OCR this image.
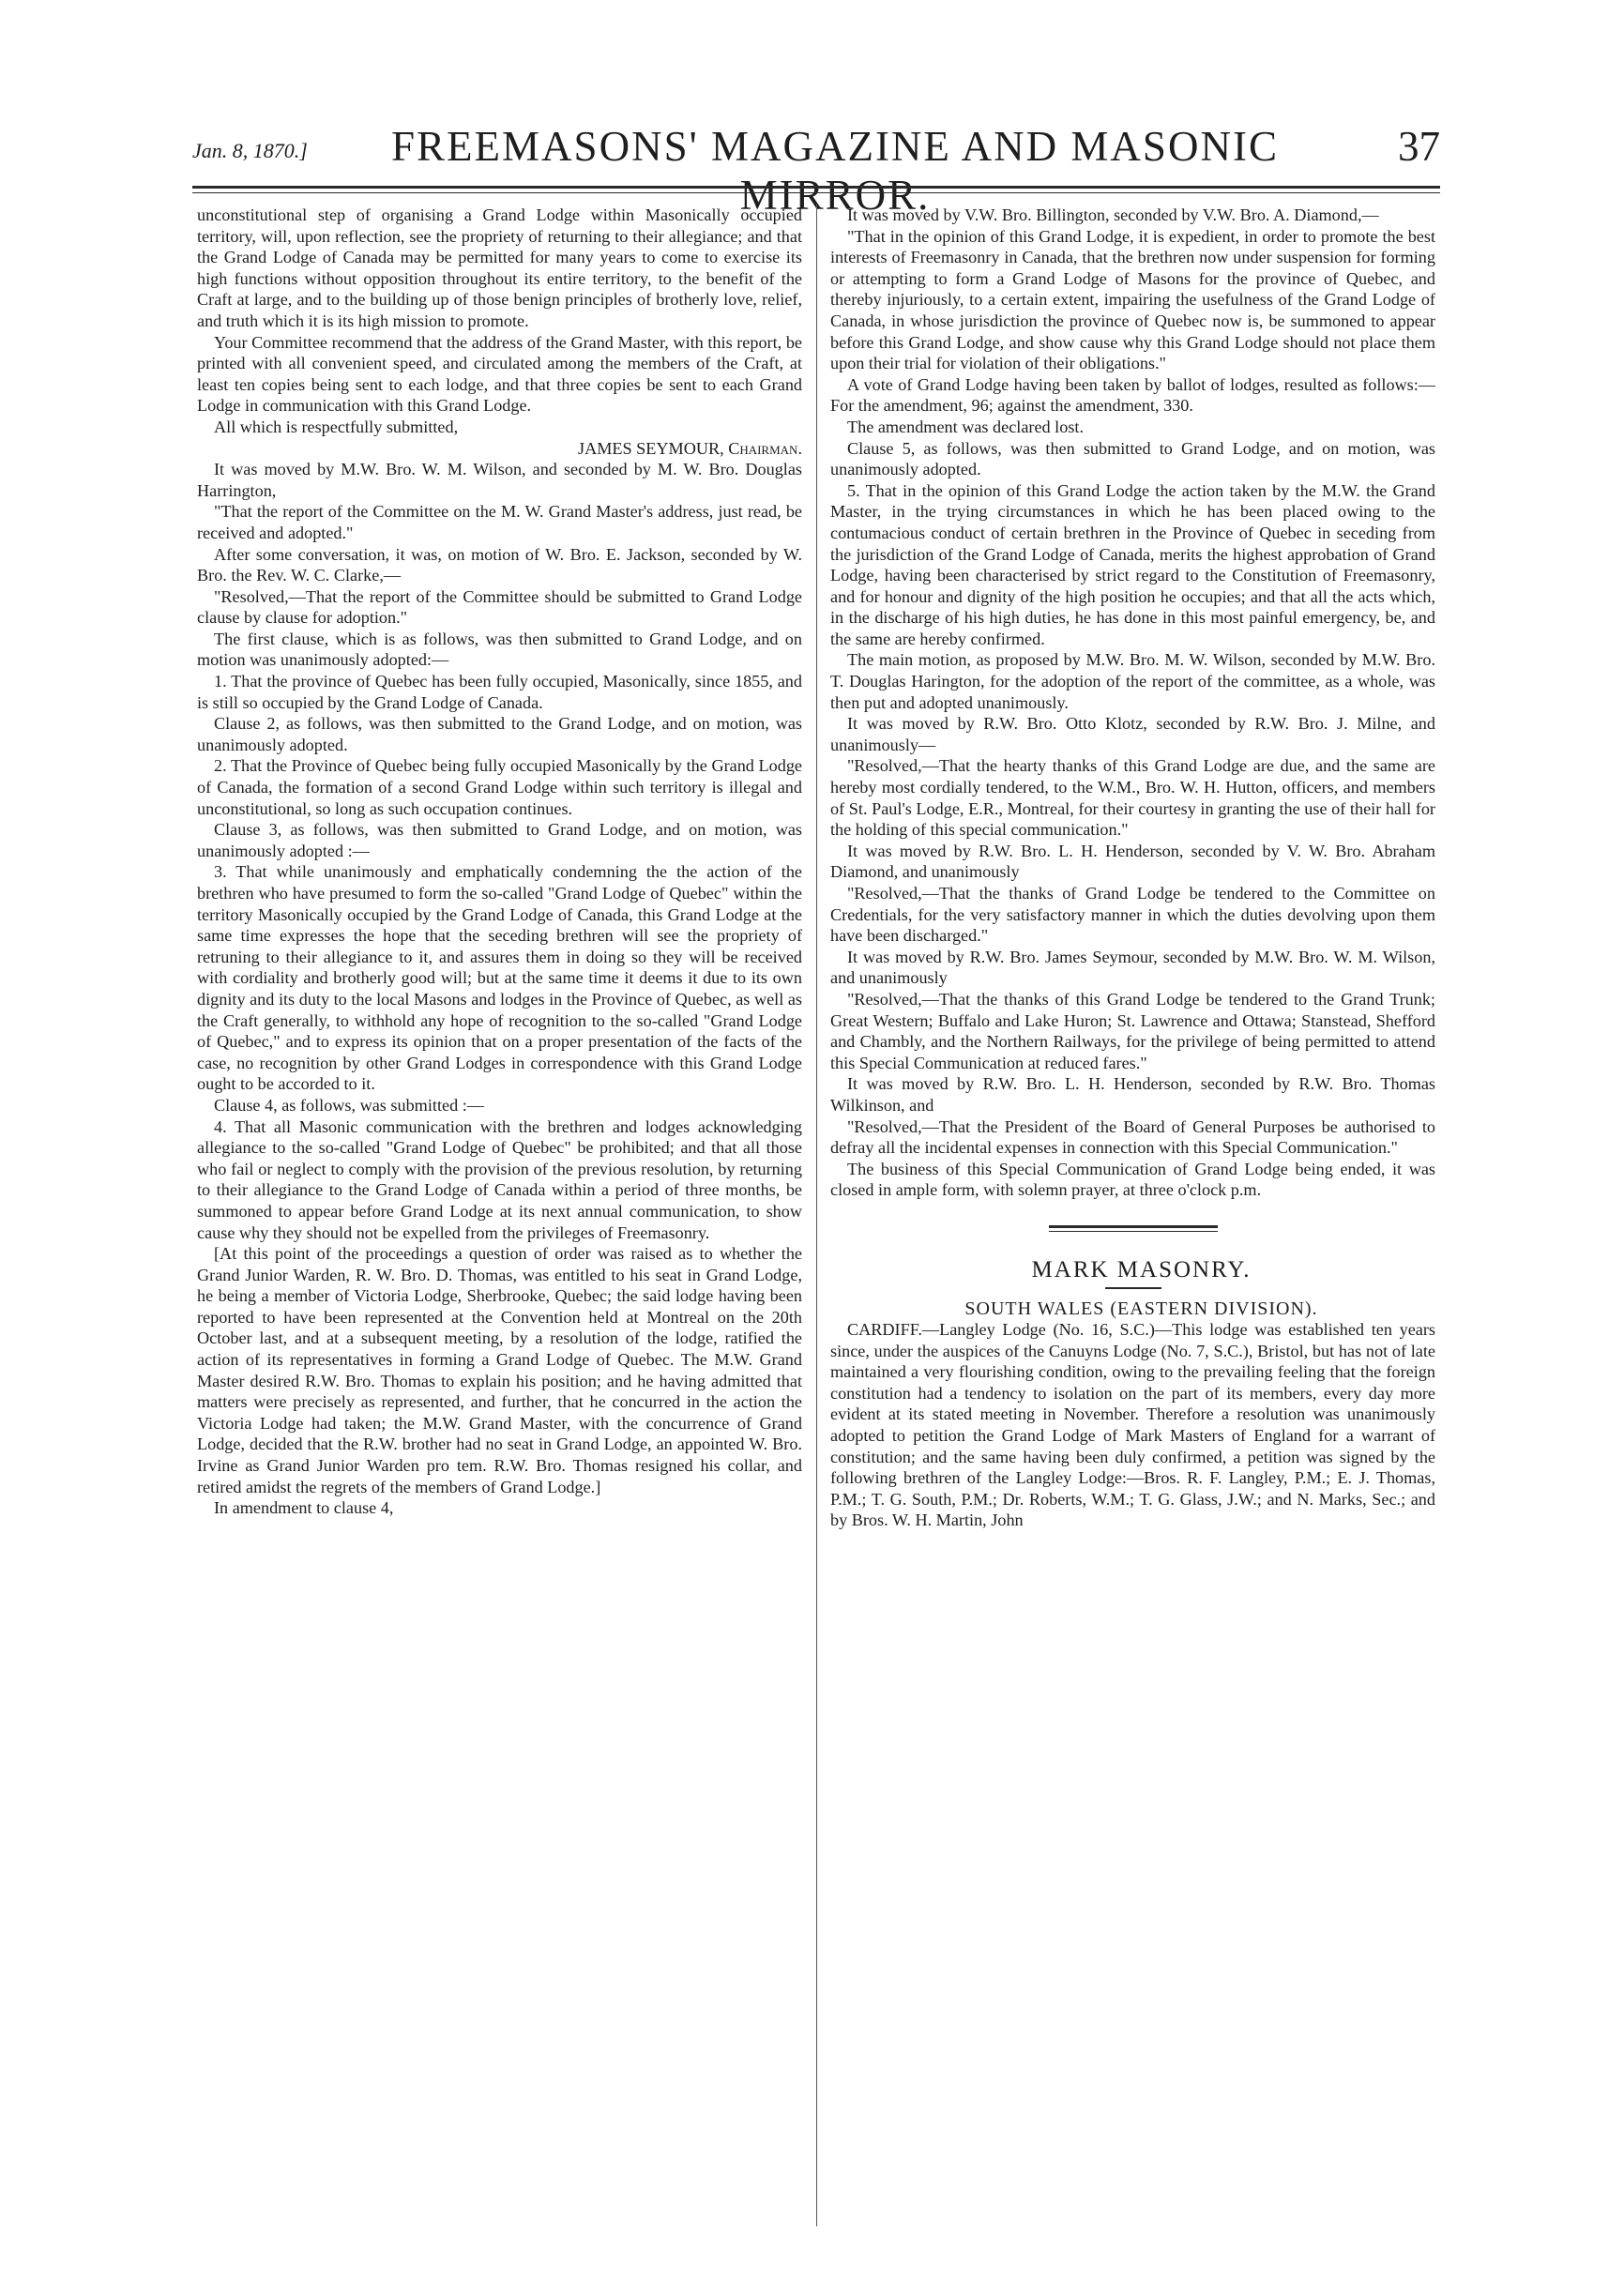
Jan. 8, 1870.]	FREEMASONS' MAGAZINE AND MASONIC MIRROR.
37

unconstitutional step of organising a Grand Lodge within Masonically occupied territory, will, upon reflection, see the propriety of returning to their allegiance; and that the Grand Lodge of Canada may be permitted for many years to come to exercise its high functions without opposition throughout its entire territory, to the benefit of the Craft at large, and to the building up of those benign principles of brotherly love, relief, and truth which it is its high mission to promote.

Your Committee recommend that the address of the Grand Master, with this report, be printed with all convenient speed, and circulated among the members of the Craft, at least ten copies being sent to each lodge, and that three copies be sent to each Grand Lodge in communication with this Grand Lodge.

All which is respectfully submitted,

JAMES SEYMOUR, Chairman.

It was moved by M.W. Bro. W. M. Wilson, and seconded by M. W. Bro. Douglas Harrington,

"That the report of the Committee on the M. W. Grand Master's address, just read, be received and adopted."

After some conversation, it was, on motion of W. Bro. E. Jackson, seconded by W. Bro. the Rev. W. C. Clarke,—

"Resolved,—That the report of the Committee should be submitted to Grand Lodge clause by clause for adoption."

The first clause, which is as follows, was then submitted to Grand Lodge, and on motion was unanimously adopted:—

1. That the province of Quebec has been fully occupied, Masonically, since 1855, and is still so occupied by the Grand Lodge of Canada.

Clause 2, as follows, was then submitted to the Grand Lodge, and on motion, was unanimously adopted.

2. That the Province of Quebec being fully occupied Masonically by the Grand Lodge of Canada, the formation of a second Grand Lodge within such territory is illegal and unconstitutional, so long as such occupation continues.

Clause 3, as follows, was then submitted to Grand Lodge, and on motion, was unanimously adopted :—

3. That while unanimously and emphatically condemning the the action of the brethren who have presumed to form the so-called "Grand Lodge of Quebec" within the territory Masonically occupied by the Grand Lodge of Canada, this Grand Lodge at the same time expresses the hope that the seceding brethren will see the propriety of retruning to their allegiance to it, and assures them in doing so they will be received with cordiality and brotherly good will; but at the same time it deems it due to its own dignity and its duty to the local Masons and lodges in the Province of Quebec, as well as the Craft generally, to withhold any hope of recognition to the so-called "Grand Lodge of Quebec," and to express its opinion that on a proper presentation of the facts of the case, no recognition by other Grand Lodges in correspondence with this Grand Lodge ought to be accorded to it.

Clause 4, as follows, was submitted :—

4. That all Masonic communication with the brethren and lodges acknowledging allegiance to the so-called "Grand Lodge of Quebec" be prohibited; and that all those who fail or neglect to comply with the provision of the previous resolution, by returning to their allegiance to the Grand Lodge of Canada within a period of three months, be summoned to appear before Grand Lodge at its next annual communication, to show cause why they should not be expelled from the privileges of Freemasonry.

[At this point of the proceedings a question of order was raised as to whether the Grand Junior Warden, R. W. Bro. D. Thomas, was entitled to his seat in Grand Lodge, he being a member of Victoria Lodge, Sherbrooke, Quebec; the said lodge having been reported to have been represented at the Convention held at Montreal on the 20th October last, and at a subsequent meeting, by a resolution of the lodge, ratified the action of its representatives in forming a Grand Lodge of Quebec. The M.W. Grand Master desired R.W. Bro. Thomas to explain his position; and he having admitted that matters were precisely as represented, and further, that he concurred in the action the Victoria Lodge had taken; the M.W. Grand Master, with the concurrence of Grand Lodge, decided that the R.W. brother had no seat in Grand Lodge, an appointed W. Bro. Irvine as Grand Junior Warden pro tem. R.W. Bro. Thomas resigned his collar, and retired amidst the regrets of the members of Grand Lodge.]

In amendment to clause 4,

It was moved by V.W. Bro. Billington, seconded by V.W. Bro. A. Diamond,—

"That in the opinion of this Grand Lodge, it is expedient, in order to promote the best interests of Freemasonry in Canada, that the brethren now under suspension for forming or attempting to form a Grand Lodge of Masons for the province of Quebec, and thereby injuriously, to a certain extent, impairing the usefulness of the Grand Lodge of Canada, in whose jurisdiction the province of Quebec now is, be summoned to appear before this Grand Lodge, and show cause why this Grand Lodge should not place them upon their trial for violation of their obligations."

A vote of Grand Lodge having been taken by ballot of lodges, resulted as follows:—For the amendment, 96; against the amendment, 330.

The amendment was declared lost.

Clause 5, as follows, was then submitted to Grand Lodge, and on motion, was unanimously adopted.

5. That in the opinion of this Grand Lodge the action taken by the M.W. the Grand Master, in the trying circumstances in which he has been placed owing to the contumacious conduct of certain brethren in the Province of Quebec in seceding from the jurisdiction of the Grand Lodge of Canada, merits the highest approbation of Grand Lodge, having been characterised by strict regard to the Constitution of Freemasonry, and for honour and dignity of the high position he occupies; and that all the acts which, in the discharge of his high duties, he has done in this most painful emergency, be, and the same are hereby confirmed.

The main motion, as proposed by M.W. Bro. M. W. Wilson, seconded by M.W. Bro. T. Douglas Harington, for the adoption of the report of the committee, as a whole, was then put and adopted unanimously.

It was moved by R.W. Bro. Otto Klotz, seconded by R.W. Bro. J. Milne, and unanimously—

"Resolved,—That the hearty thanks of this Grand Lodge are due, and the same are hereby most cordially tendered, to the W.M., Bro. W. H. Hutton, officers, and members of St. Paul's Lodge, E.R., Montreal, for their courtesy in granting the use of their hall for the holding of this special communication."

It was moved by R.W. Bro. L. H. Henderson, seconded by V. W. Bro. Abraham Diamond, and unanimously

"Resolved,—That the thanks of Grand Lodge be tendered to the Committee on Credentials, for the very satisfactory manner in which the duties devolving upon them have been discharged."

It was moved by R.W. Bro. James Seymour, seconded by M.W. Bro. W. M. Wilson, and unanimously

"Resolved,—That the thanks of this Grand Lodge be tendered to the Grand Trunk; Great Western; Buffalo and Lake Huron; St. Lawrence and Ottawa; Stanstead, Shefford and Chambly, and the Northern Railways, for the privilege of being permitted to attend this Special Communication at reduced fares."

It was moved by R.W. Bro. L. H. Henderson, seconded by R.W. Bro. Thomas Wilkinson, and

"Resolved,—That the President of the Board of General Purposes be authorised to defray all the incidental expenses in connection with this Special Communication."

The business of this Special Communication of Grand Lodge being ended, it was closed in ample form, with solemn prayer, at three o'clock p.m.

MARK MASONRY.

SOUTH WALES (EASTERN DIVISION).

CARDIFF.—Langley Lodge (No. 16, S.C.)—This lodge was established ten years since, under the auspices of the Canuyns Lodge (No. 7, S.C.), Bristol, but has not of late maintained a very flourishing condition, owing to the prevailing feeling that the foreign constitution had a tendency to isolation on the part of its members, every day more evident at its stated meeting in November. Therefore a resolution was unanimously adopted to petition the Grand Lodge of Mark Masters of England for a warrant of constitution; and the same having been duly confirmed, a petition was signed by the following brethren of the Langley Lodge:—Bros. R. F. Langley, P.M.; E. J. Thomas, P.M.; T. G. South, P.M.; Dr. Roberts, W.M.; T. G. Glass, J.W.; and N. Marks, Sec.; and by Bros. W. H. Martin, John
